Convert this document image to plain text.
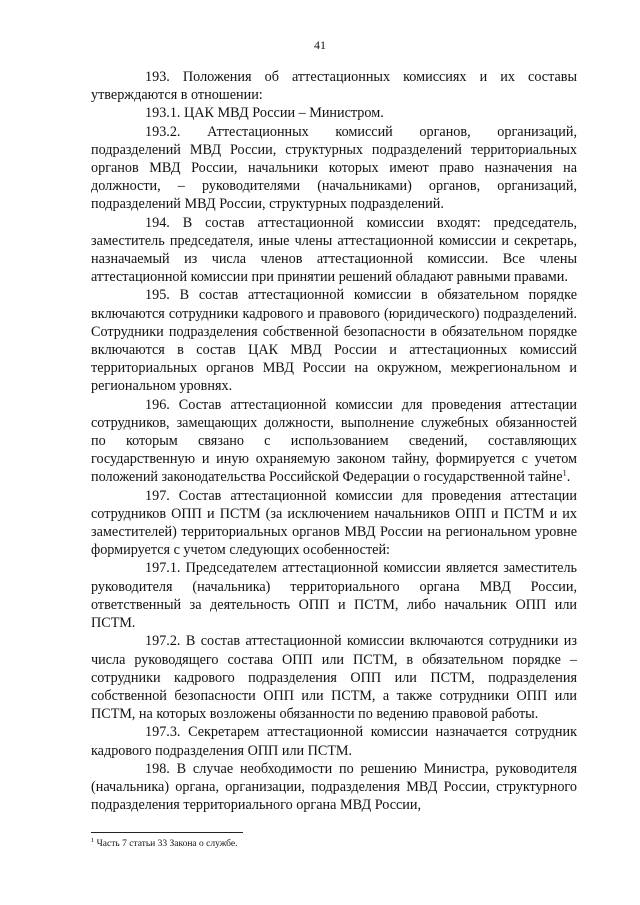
41

193. Положения об аттестационных комиссиях и их составы утверждаются в отношении:

193.1. ЦАК МВД России – Министром.

193.2. Аттестационных комиссий органов, организаций, подразделений МВД России, структурных подразделений территориальных органов МВД России, начальники которых имеют право назначения на должности, – руководителями (начальниками) органов, организаций, подразделений МВД России, структурных подразделений.

194. В состав аттестационной комиссии входят: председатель, заместитель председателя, иные члены аттестационной комиссии и секретарь, назначаемый из числа членов аттестационной комиссии. Все члены аттестационной комиссии при принятии решений обладают равными правами.

195. В состав аттестационной комиссии в обязательном порядке включаются сотрудники кадрового и правового (юридического) подразделений. Сотрудники подразделения собственной безопасности в обязательном порядке включаются в состав ЦАК МВД России и аттестационных комиссий территориальных органов МВД России на окружном, межрегиональном и региональном уровнях.

196. Состав аттестационной комиссии для проведения аттестации сотрудников, замещающих должности, выполнение служебных обязанностей по которым связано с использованием сведений, составляющих государственную и иную охраняемую законом тайну, формируется с учетом положений законодательства Российской Федерации о государственной тайне$^1$.

197. Состав аттестационной комиссии для проведения аттестации сотрудников ОПП и ПСТМ (за исключением начальников ОПП и ПСТМ и их заместителей) территориальных органов МВД России на региональном уровне формируется с учетом следующих особенностей:

197.1. Председателем аттестационной комиссии является заместитель руководителя (начальника) территориального органа МВД России, ответственный за деятельность ОПП и ПСТМ, либо начальник ОПП или ПСТМ.

197.2. В состав аттестационной комиссии включаются сотрудники из числа руководящего состава ОПП или ПСТМ, в обязательном порядке – сотрудники кадрового подразделения ОПП или ПСТМ, подразделения собственной безопасности ОПП или ПСТМ, а также сотрудники ОПП или ПСТМ, на которых возложены обязанности по ведению правовой работы.

197.3. Секретарем аттестационной комиссии назначается сотрудник кадрового подразделения ОПП или ПСТМ.

198. В случае необходимости по решению Министра, руководителя (начальника) органа, организации, подразделения МВД России, структурного подразделения территориального органа МВД России,

$^1$ Часть 7 статьи 33 Закона о службе.
